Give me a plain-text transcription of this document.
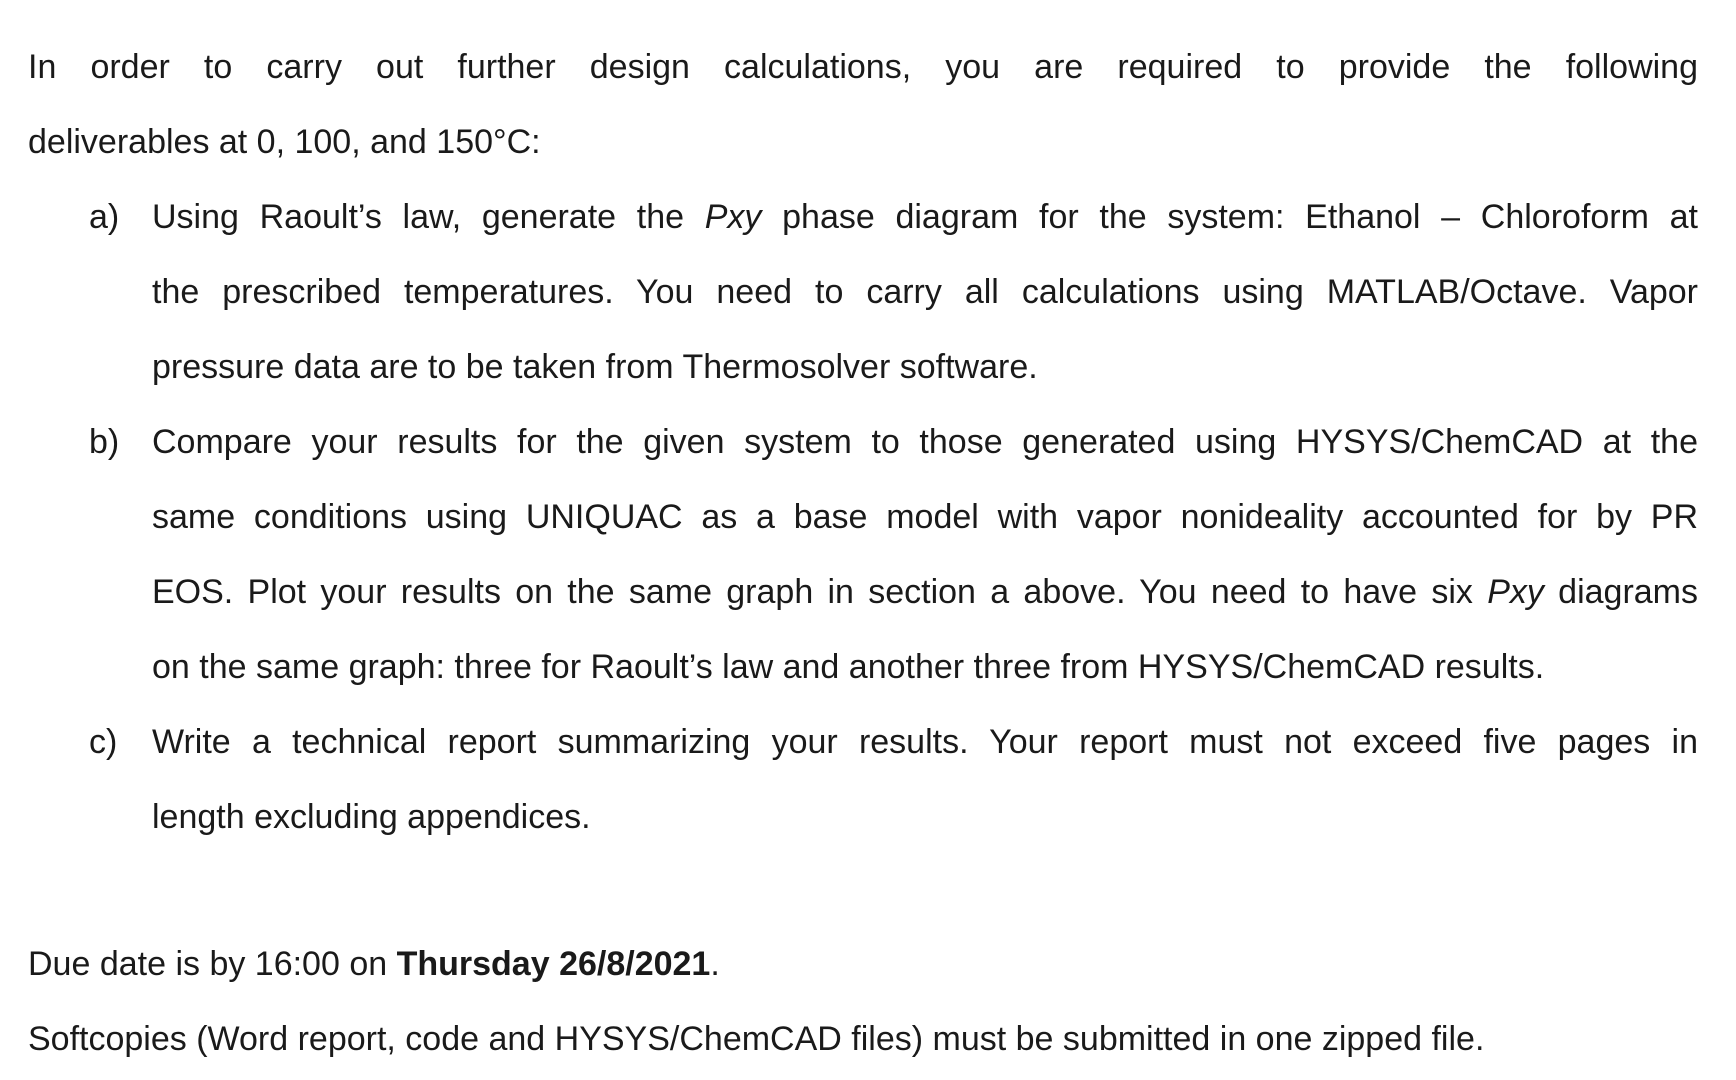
In order to carry out further design calculations, you are required to provide the following
deliverables at 0, 100, and 150°C:
a) Using Raoult’s law, generate the Pxy phase diagram for the system: Ethanol – Chloroform at
the prescribed temperatures. You need to carry all calculations using MATLAB/Octave. Vapor
pressure data are to be taken from Thermosolver software.
b) Compare your results for the given system to those generated using HYSYS/ChemCAD at the
same conditions using UNIQUAC as a base model with vapor nonideality accounted for by PR
EOS. Plot your results on the same graph in section a above. You need to have six Pxy diagrams
on the same graph: three for Raoult’s law and another three from HYSYS/ChemCAD results.
c) Write a technical report summarizing your results. Your report must not exceed five pages in
length excluding appendices.
Due date is by 16:00 on Thursday 26/8/2021.
Softcopies (Word report, code and HYSYS/ChemCAD files) must be submitted in one zipped file.
